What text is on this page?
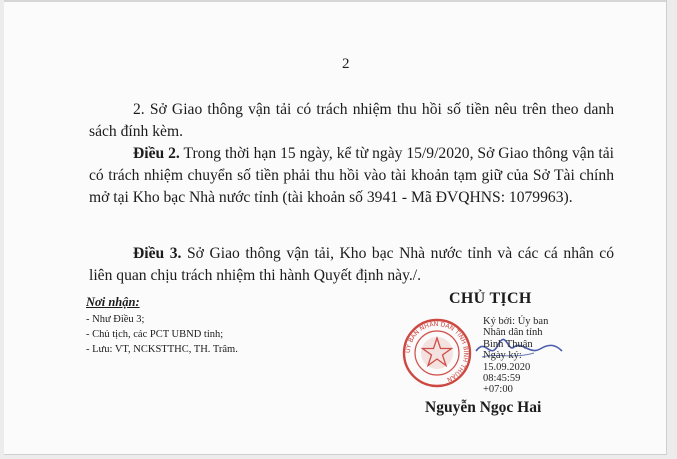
2
2. Sở Giao thông vận tải có trách nhiệm thu hồi số tiền nêu trên theo danh sách đính kèm.
Điều 2. Trong thời hạn 15 ngày, kể từ ngày 15/9/2020, Sở Giao thông vận tải có trách nhiệm chuyển số tiền phải thu hồi vào tài khoản tạm giữ của Sở Tài chính mở tại Kho bạc Nhà nước tỉnh (tài khoản số 3941 - Mã ĐVQHNS: 1079963).
Điều 3. Sở Giao thông vận tải, Kho bạc Nhà nước tỉnh và các cá nhân có liên quan chịu trách nhiệm thi hành Quyết định này./.
Nơi nhận:
- Như Điều 3;
- Chủ tịch, các PCT UBND tỉnh;
- Lưu: VT, NCKSTTHC, TH. Trâm.
CHỦ TỊCH
ỦY BAN NHÂN DÂN TỈNH BÌNH THUẬN
Ký bởi: Ủy ban
Nhân dân tỉnh
Bình Thuận
Ngày ký:
15.09.2020
08:45:59
+07:00
Nguyễn Ngọc Hai
